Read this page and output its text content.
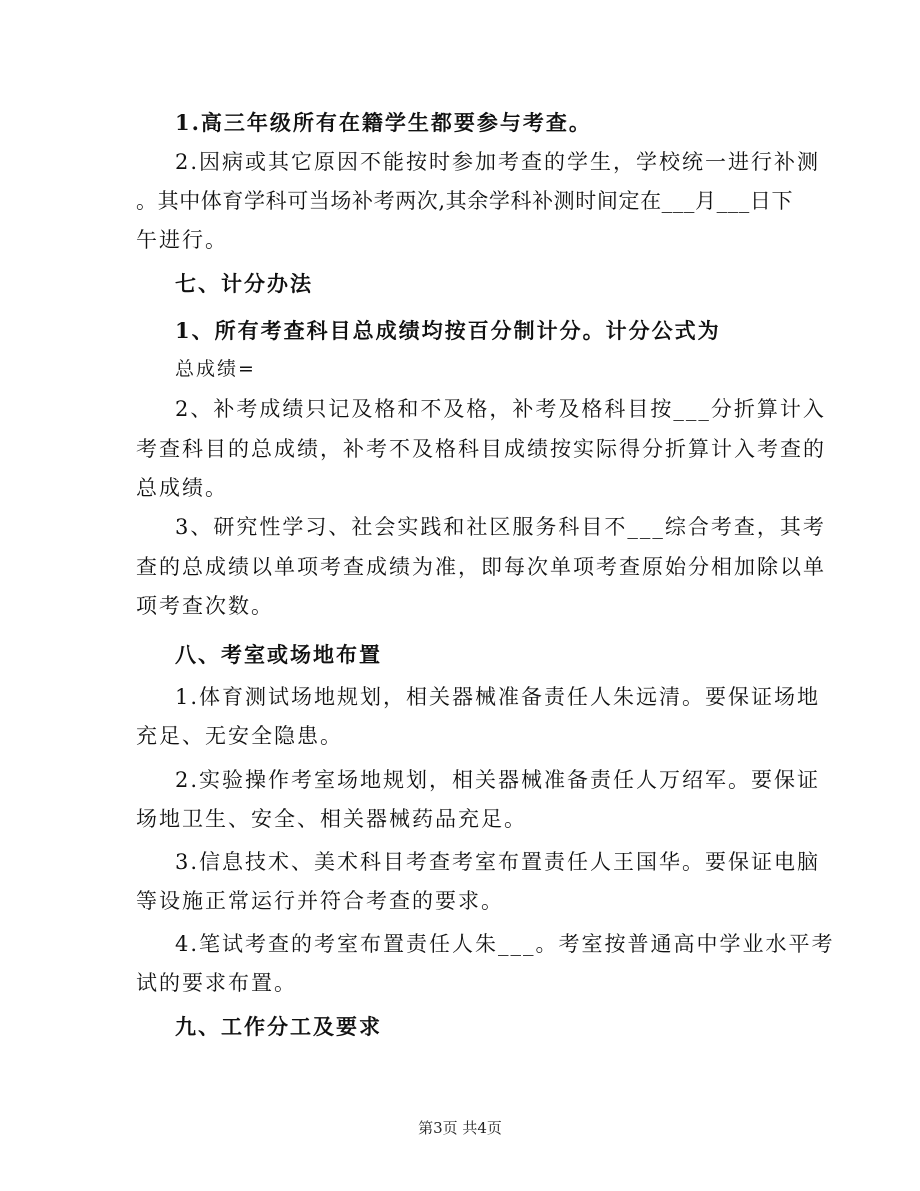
1.高三年级所有在籍学生都要参与考查。
2.因病或其它原因不能按时参加考查的学生，学校统一进行补测
。其中体育学科可当场补考两次,其余学科补测时间定在___月___日下
午进行。
七、计分办法
1、所有考查科目总成绩均按百分制计分。计分公式为
总成绩=
2、补考成绩只记及格和不及格，补考及格科目按___分折算计入
考查科目的总成绩，补考不及格科目成绩按实际得分折算计入考查的
总成绩。
3、研究性学习、社会实践和社区服务科目不___综合考查，其考
查的总成绩以单项考查成绩为准，即每次单项考查原始分相加除以单
项考查次数。
八、考室或场地布置
1.体育测试场地规划，相关器械准备责任人朱远清。要保证场地
充足、无安全隐患。
2.实验操作考室场地规划，相关器械准备责任人万绍军。要保证
场地卫生、安全、相关器械药品充足。
3.信息技术、美术科目考查考室布置责任人王国华。要保证电脑
等设施正常运行并符合考查的要求。
4.笔试考查的考室布置责任人朱___。考室按普通高中学业水平考
试的要求布置。
九、工作分工及要求
第3页 共4页
